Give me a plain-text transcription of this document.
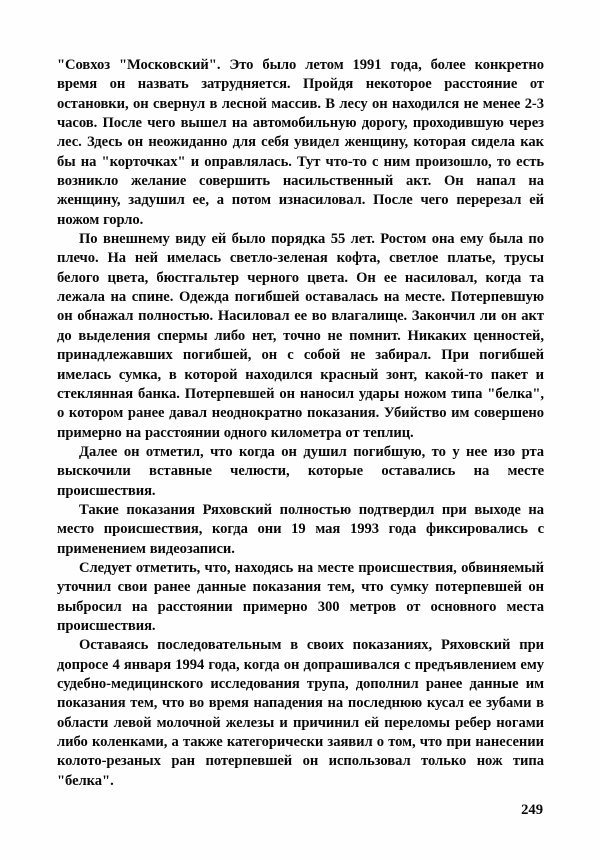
"Совхоз "Московский". Это было летом 1991 года, более конкретно время он назвать затрудняется. Пройдя некоторое расстояние от остановки, он свернул в лесной массив. В лесу он находился не менее 2-3 часов. После чего вышел на автомобильную дорогу, проходившую через лес. Здесь он неожиданно для себя увидел женщину, которая сидела как бы на "корточках" и оправлялась. Тут что-то с ним произошло, то есть возникло желание совершить насильственный акт. Он напал на женщину, задушил ее, а потом изнасиловал. После чего перерезал ей ножом горло.

По внешнему виду ей было порядка 55 лет. Ростом она ему была по плечо. На ней имелась светло-зеленая кофта, светлое платье, трусы белого цвета, бюстгальтер черного цвета. Он ее насиловал, когда та лежала на спине. Одежда погибшей оставалась на месте. Потерпевшую он обнажал полностью. Насиловал ее во влагалище. Закончил ли он акт до выделения спермы либо нет, точно не помнит. Никаких ценностей, принадлежавших погибшей, он с собой не забирал. При погибшей имелась сумка, в которой находился красный зонт, какой-то пакет и стеклянная банка. Потерпевшей он наносил удары ножом типа "белка", о котором ранее давал неоднократно показания. Убийство им совершено примерно на расстоянии одного километра от теплиц.

Далее он отметил, что когда он душил погибшую, то у нее изо рта выскочили вставные челюсти, которые оставались на месте происшествия.

Такие показания Ряховский полностью подтвердил при выходе на место происшествия, когда они 19 мая 1993 года фиксировались с применением видеозаписи.

Следует отметить, что, находясь на месте происшествия, обвиняемый уточнил свои ранее данные показания тем, что сумку потерпевшей он выбросил на расстоянии примерно 300 метров от основного места происшествия.

Оставаясь последовательным в своих показаниях, Ряховский при допросе 4 января 1994 года, когда он допрашивался с предъявлением ему судебно-медицинского исследования трупа, дополнил ранее данные им показания тем, что во время нападения на последнюю кусал ее зубами в области левой молочной железы и причинил ей переломы ребер ногами либо коленками, а также категорически заявил о том, что при нанесении колото-резаных ран потерпевшей он использовал только нож типа "белка".

249
